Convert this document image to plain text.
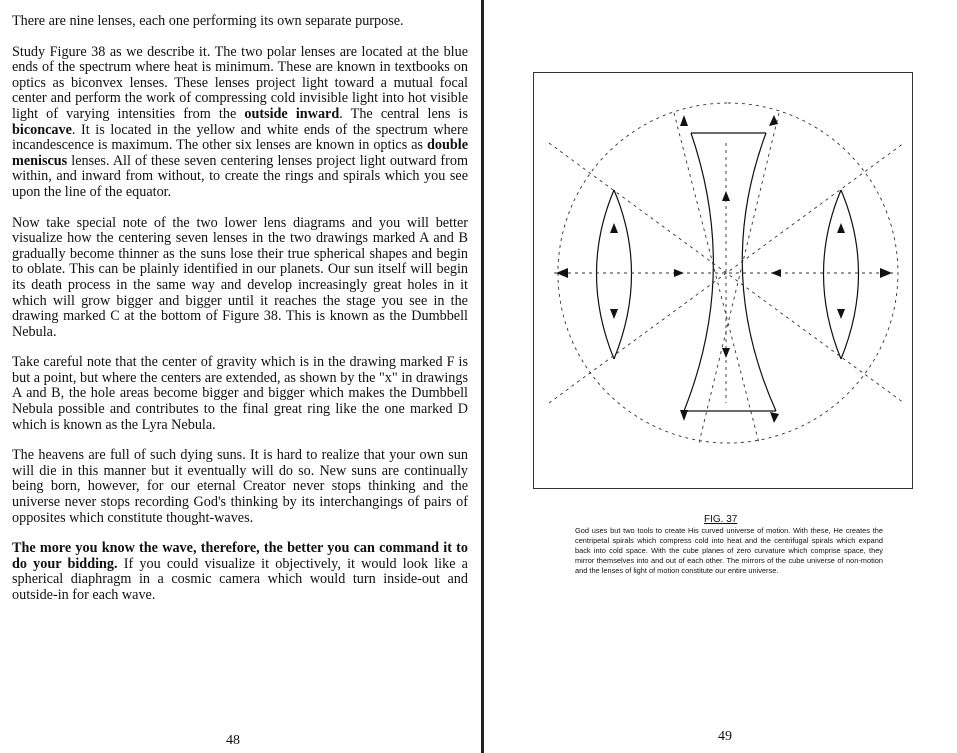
There are nine lenses, each one performing its own separate purpose.

Study Figure 38 as we describe it. The two polar lenses are located at the blue ends of the spectrum where heat is minimum. These are known in textbooks on optics as biconvex lenses. These lenses project light toward a mutual focal center and perform the work of compressing cold invisible light into hot visible light of varying intensities from the outside inward. The central lens is biconcave. It is located in the yellow and white ends of the spectrum where incandescence is maximum. The other six lenses are known in optics as double meniscus lenses. All of these seven centering lenses project light outward from within, and inward from without, to create the rings and spirals which you see upon the line of the equator.

Now take special note of the two lower lens diagrams and you will better visualize how the centering seven lenses in the two drawings marked A and B gradually become thinner as the suns lose their true spherical shapes and begin to oblate. This can be plainly identified in our planets. Our sun itself will begin its death process in the same way and develop increasingly great holes in it which will grow bigger and bigger until it reaches the stage you see in the drawing marked C at the bottom of Figure 38. This is known as the Dumbbell Nebula.

Take careful note that the center of gravity which is in the drawing marked F is but a point, but where the centers are extended, as shown by the "x" in drawings A and B, the hole areas become bigger and bigger which makes the Dumbbell Nebula possible and contributes to the final great ring like the one marked D which is known as the Lyra Nebula.

The heavens are full of such dying suns. It is hard to realize that your own sun will die in this manner but it eventually will do so. New suns are continually being born, however, for our eternal Creator never stops thinking and the universe never stops recording God's thinking by its interchangings of pairs of opposites which constitute thought-waves.

The more you know the wave, therefore, the better you can command it to do your bidding. If you could visualize it objectively, it would look like a spherical diaphragm in a cosmic camera which would turn inside-out and outside-in for each wave.

48
FIG. 37
God uses but two tools to create His curved universe of motion. With these, He creates the centripetal spirals which compress cold into heat and the centrifugal spirals which expand back into cold space. With the cube planes of zero curvature which comprise space, they mirror themselves into and out of each other. The mirrors of the cube universe of non-motion and the lenses of light of motion constitute our entire universe.
49
